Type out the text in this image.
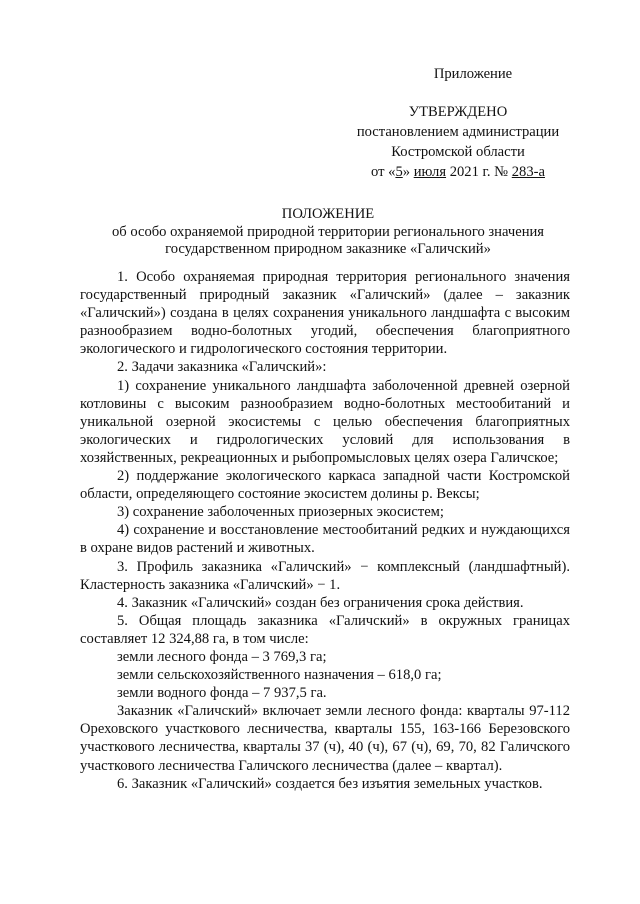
Приложение
УТВЕРЖДЕНО
постановлением администрации
Костромской области
от «5» июля 2021 г. № 283-а
ПОЛОЖЕНИЕ
об особо охраняемой природной территории регионального значения
государственном природном заказнике «Галичский»

1. Особо охраняемая природная территория регионального значения государственный природный заказник «Галичский» (далее – заказник «Галичский») создана в целях сохранения уникального ландшафта с высоким разнообразием водно-болотных угодий, обеспечения благоприятного экологического и гидрологического состояния территории.

2. Задачи заказника «Галичский»:

1) сохранение уникального ландшафта заболоченной древней озерной котловины с высоким разнообразием водно-болотных местообитаний и уникальной озерной экосистемы с целью обеспечения благоприятных экологических и гидрологических условий для использования в хозяйственных, рекреационных и рыбопромысловых целях озера Галичское;

2) поддержание экологического каркаса западной части Костромской области, определяющего состояние экосистем долины р. Вексы;

3) сохранение заболоченных приозерных экосистем;

4) сохранение и восстановление местообитаний редких и нуждающихся в охране видов растений и животных.

3. Профиль заказника «Галичский» − комплексный (ландшафтный). Кластерность заказника «Галичский» − 1.

4. Заказник «Галичский» создан без ограничения срока действия.

5. Общая площадь заказника «Галичский» в окружных границах составляет 12 324,88 га, в том числе:

земли лесного фонда – 3 769,3 га;

земли сельскохозяйственного назначения – 618,0 га;

земли водного фонда – 7 937,5 га.

Заказник «Галичский» включает земли лесного фонда: кварталы 97-112 Ореховского участкового лесничества, кварталы 155, 163-166 Березовского участкового лесничества, кварталы 37 (ч), 40 (ч), 67 (ч), 69, 70, 82 Галичского участкового лесничества Галичского лесничества (далее – квартал).

6. Заказник «Галичский» создается без изъятия земельных участков.
